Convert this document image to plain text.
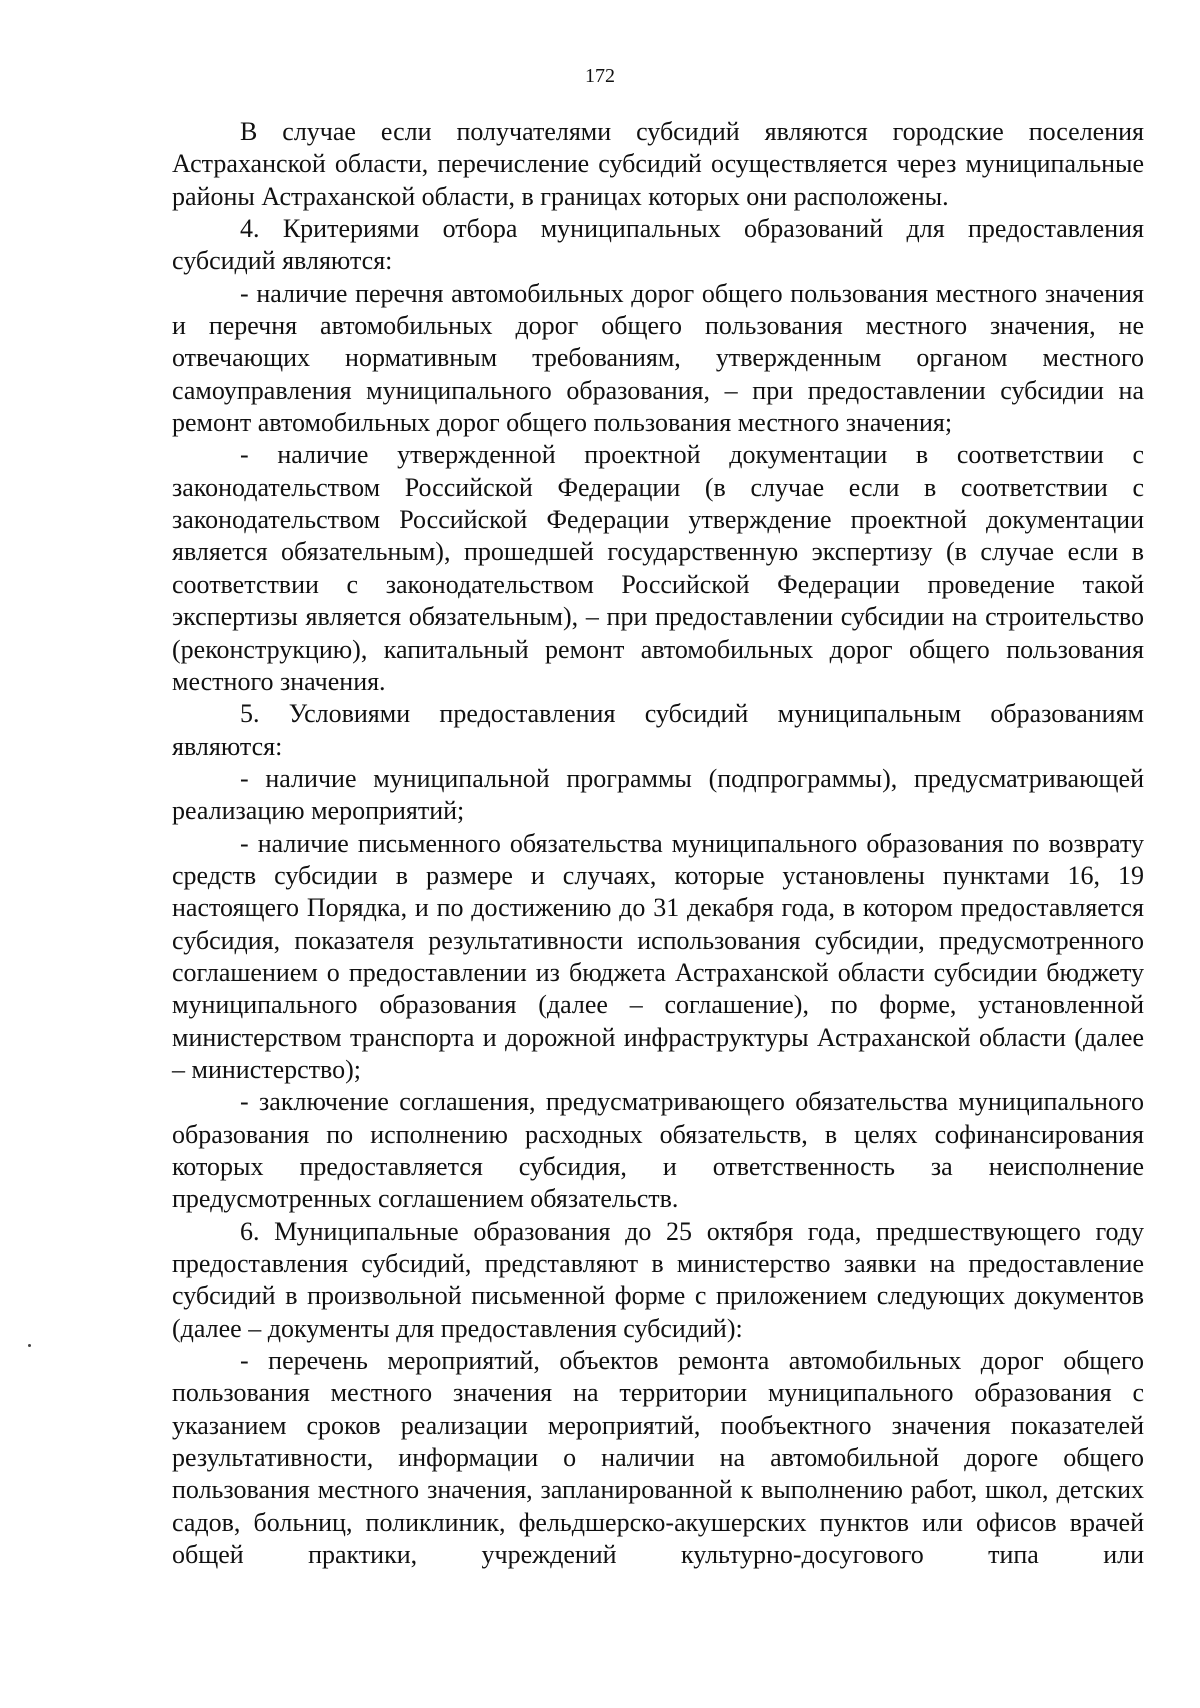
172

В случае если получателями субсидий являются городские поселения Астраханской области, перечисление субсидий осуществляется через муниципальные районы Астраханской области, в границах которых они расположены.

4. Критериями отбора муниципальных образований для предоставления субсидий являются:

- наличие перечня автомобильных дорог общего пользования местного значения и перечня автомобильных дорог общего пользования местного значения, не отвечающих нормативным требованиям, утвержденным органом местного самоуправления муниципального образования, – при предоставлении субсидии на ремонт автомобильных дорог общего пользования местного значения;

- наличие утвержденной проектной документации в соответствии с законодательством Российской Федерации (в случае если в соответствии с законодательством Российской Федерации утверждение проектной документации является обязательным), прошедшей государственную экспертизу (в случае если в соответствии с законодательством Российской Федерации проведение такой экспертизы является обязательным), – при предоставлении субсидии на строительство (реконструкцию), капитальный ремонт автомобильных дорог общего пользования местного значения.

5. Условиями предоставления субсидий муниципальным образованиям являются:

- наличие муниципальной программы (подпрограммы), предусматривающей реализацию мероприятий;

- наличие письменного обязательства муниципального образования по возврату средств субсидии в размере и случаях, которые установлены пунктами 16, 19 настоящего Порядка, и по достижению до 31 декабря года, в котором предоставляется субсидия, показателя результативности использования субсидии, предусмотренного соглашением о предоставлении из бюджета Астраханской области субсидии бюджету муниципального образования (далее – соглашение), по форме, установленной министерством транспорта и дорожной инфраструктуры Астраханской области (далее – министерство);

- заключение соглашения, предусматривающего обязательства муниципального образования по исполнению расходных обязательств, в целях софинансирования которых предоставляется субсидия, и ответственность за неисполнение предусмотренных соглашением обязательств.

6. Муниципальные образования до 25 октября года, предшествующего году предоставления субсидий, представляют в министерство заявки на предоставление субсидий в произвольной письменной форме с приложением следующих документов (далее – документы для предоставления субсидий):

- перечень мероприятий, объектов ремонта автомобильных дорог общего пользования местного значения на территории муниципального образования с указанием сроков реализации мероприятий, пообъектного значения показателей результативности, информации о наличии на автомобильной дороге общего пользования местного значения, запланированной к выполнению работ, школ, детских садов, больниц, поликлиник, фельдшерско-акушерских пунктов или офисов врачей общей практики, учреждений культурно-досугового типа или
